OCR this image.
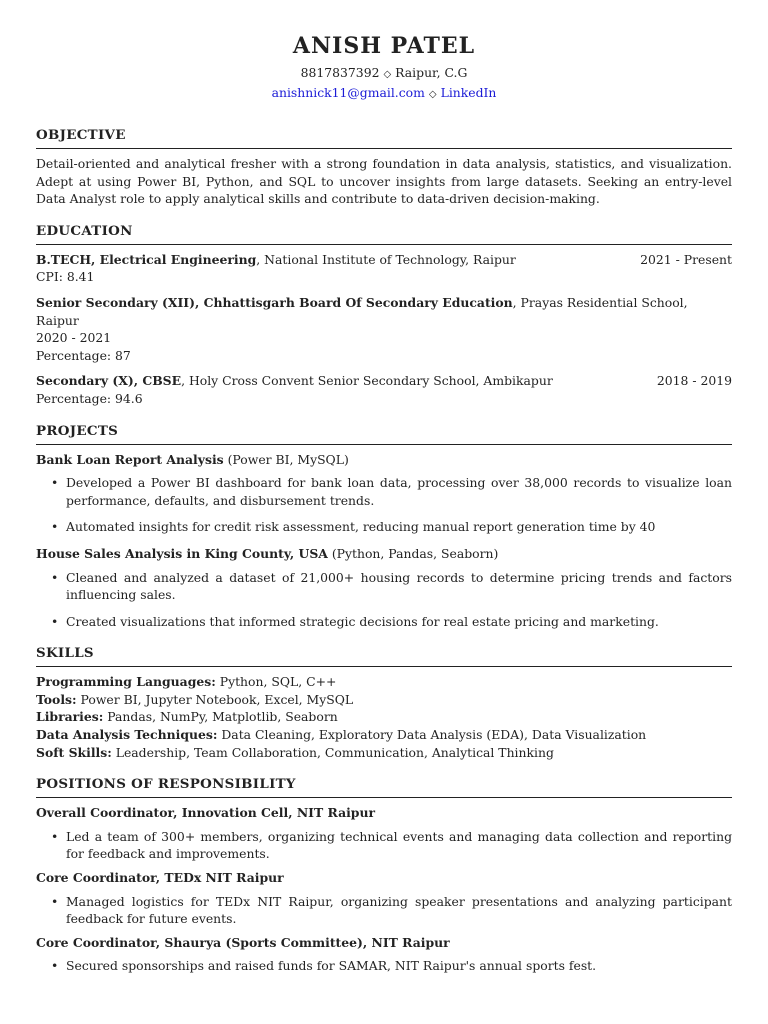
ANISH PATEL
8817837392 ◇ Raipur, C.G
anishnick11@gmail.com ◇ LinkedIn
OBJECTIVE
Detail-oriented and analytical fresher with a strong foundation in data analysis, statistics, and visualization. Adept at using Power BI, Python, and SQL to uncover insights from large datasets. Seeking an entry-level Data Analyst role to apply analytical skills and contribute to data-driven decision-making.
EDUCATION
B.TECH, Electrical Engineering, National Institute of Technology, Raipur	2021 - Present
CPI: 8.41
Senior Secondary (XII), Chhattisgarh Board Of Secondary Education, Prayas Residential School, Raipur
2020 - 2021
Percentage: 87
Secondary (X), CBSE, Holy Cross Convent Senior Secondary School, Ambikapur	2018 - 2019
Percentage: 94.6
PROJECTS
Bank Loan Report Analysis (Power BI, MySQL)
• Developed a Power BI dashboard for bank loan data, processing over 38,000 records to visualize loan performance, defaults, and disbursement trends.
• Automated insights for credit risk assessment, reducing manual report generation time by 40
House Sales Analysis in King County, USA (Python, Pandas, Seaborn)
• Cleaned and analyzed a dataset of 21,000+ housing records to determine pricing trends and factors influencing sales.
• Created visualizations that informed strategic decisions for real estate pricing and marketing.
SKILLS
Programming Languages: Python, SQL, C++
Tools: Power BI, Jupyter Notebook, Excel, MySQL
Libraries: Pandas, NumPy, Matplotlib, Seaborn
Data Analysis Techniques: Data Cleaning, Exploratory Data Analysis (EDA), Data Visualization
Soft Skills: Leadership, Team Collaboration, Communication, Analytical Thinking
POSITIONS OF RESPONSIBILITY
Overall Coordinator, Innovation Cell, NIT Raipur
• Led a team of 300+ members, organizing technical events and managing data collection and reporting for feedback and improvements.
Core Coordinator, TEDx NIT Raipur
• Managed logistics for TEDx NIT Raipur, organizing speaker presentations and analyzing participant feedback for future events.
Core Coordinator, Shaurya (Sports Committee), NIT Raipur
• Secured sponsorships and raised funds for SAMAR, NIT Raipur's annual sports fest.
